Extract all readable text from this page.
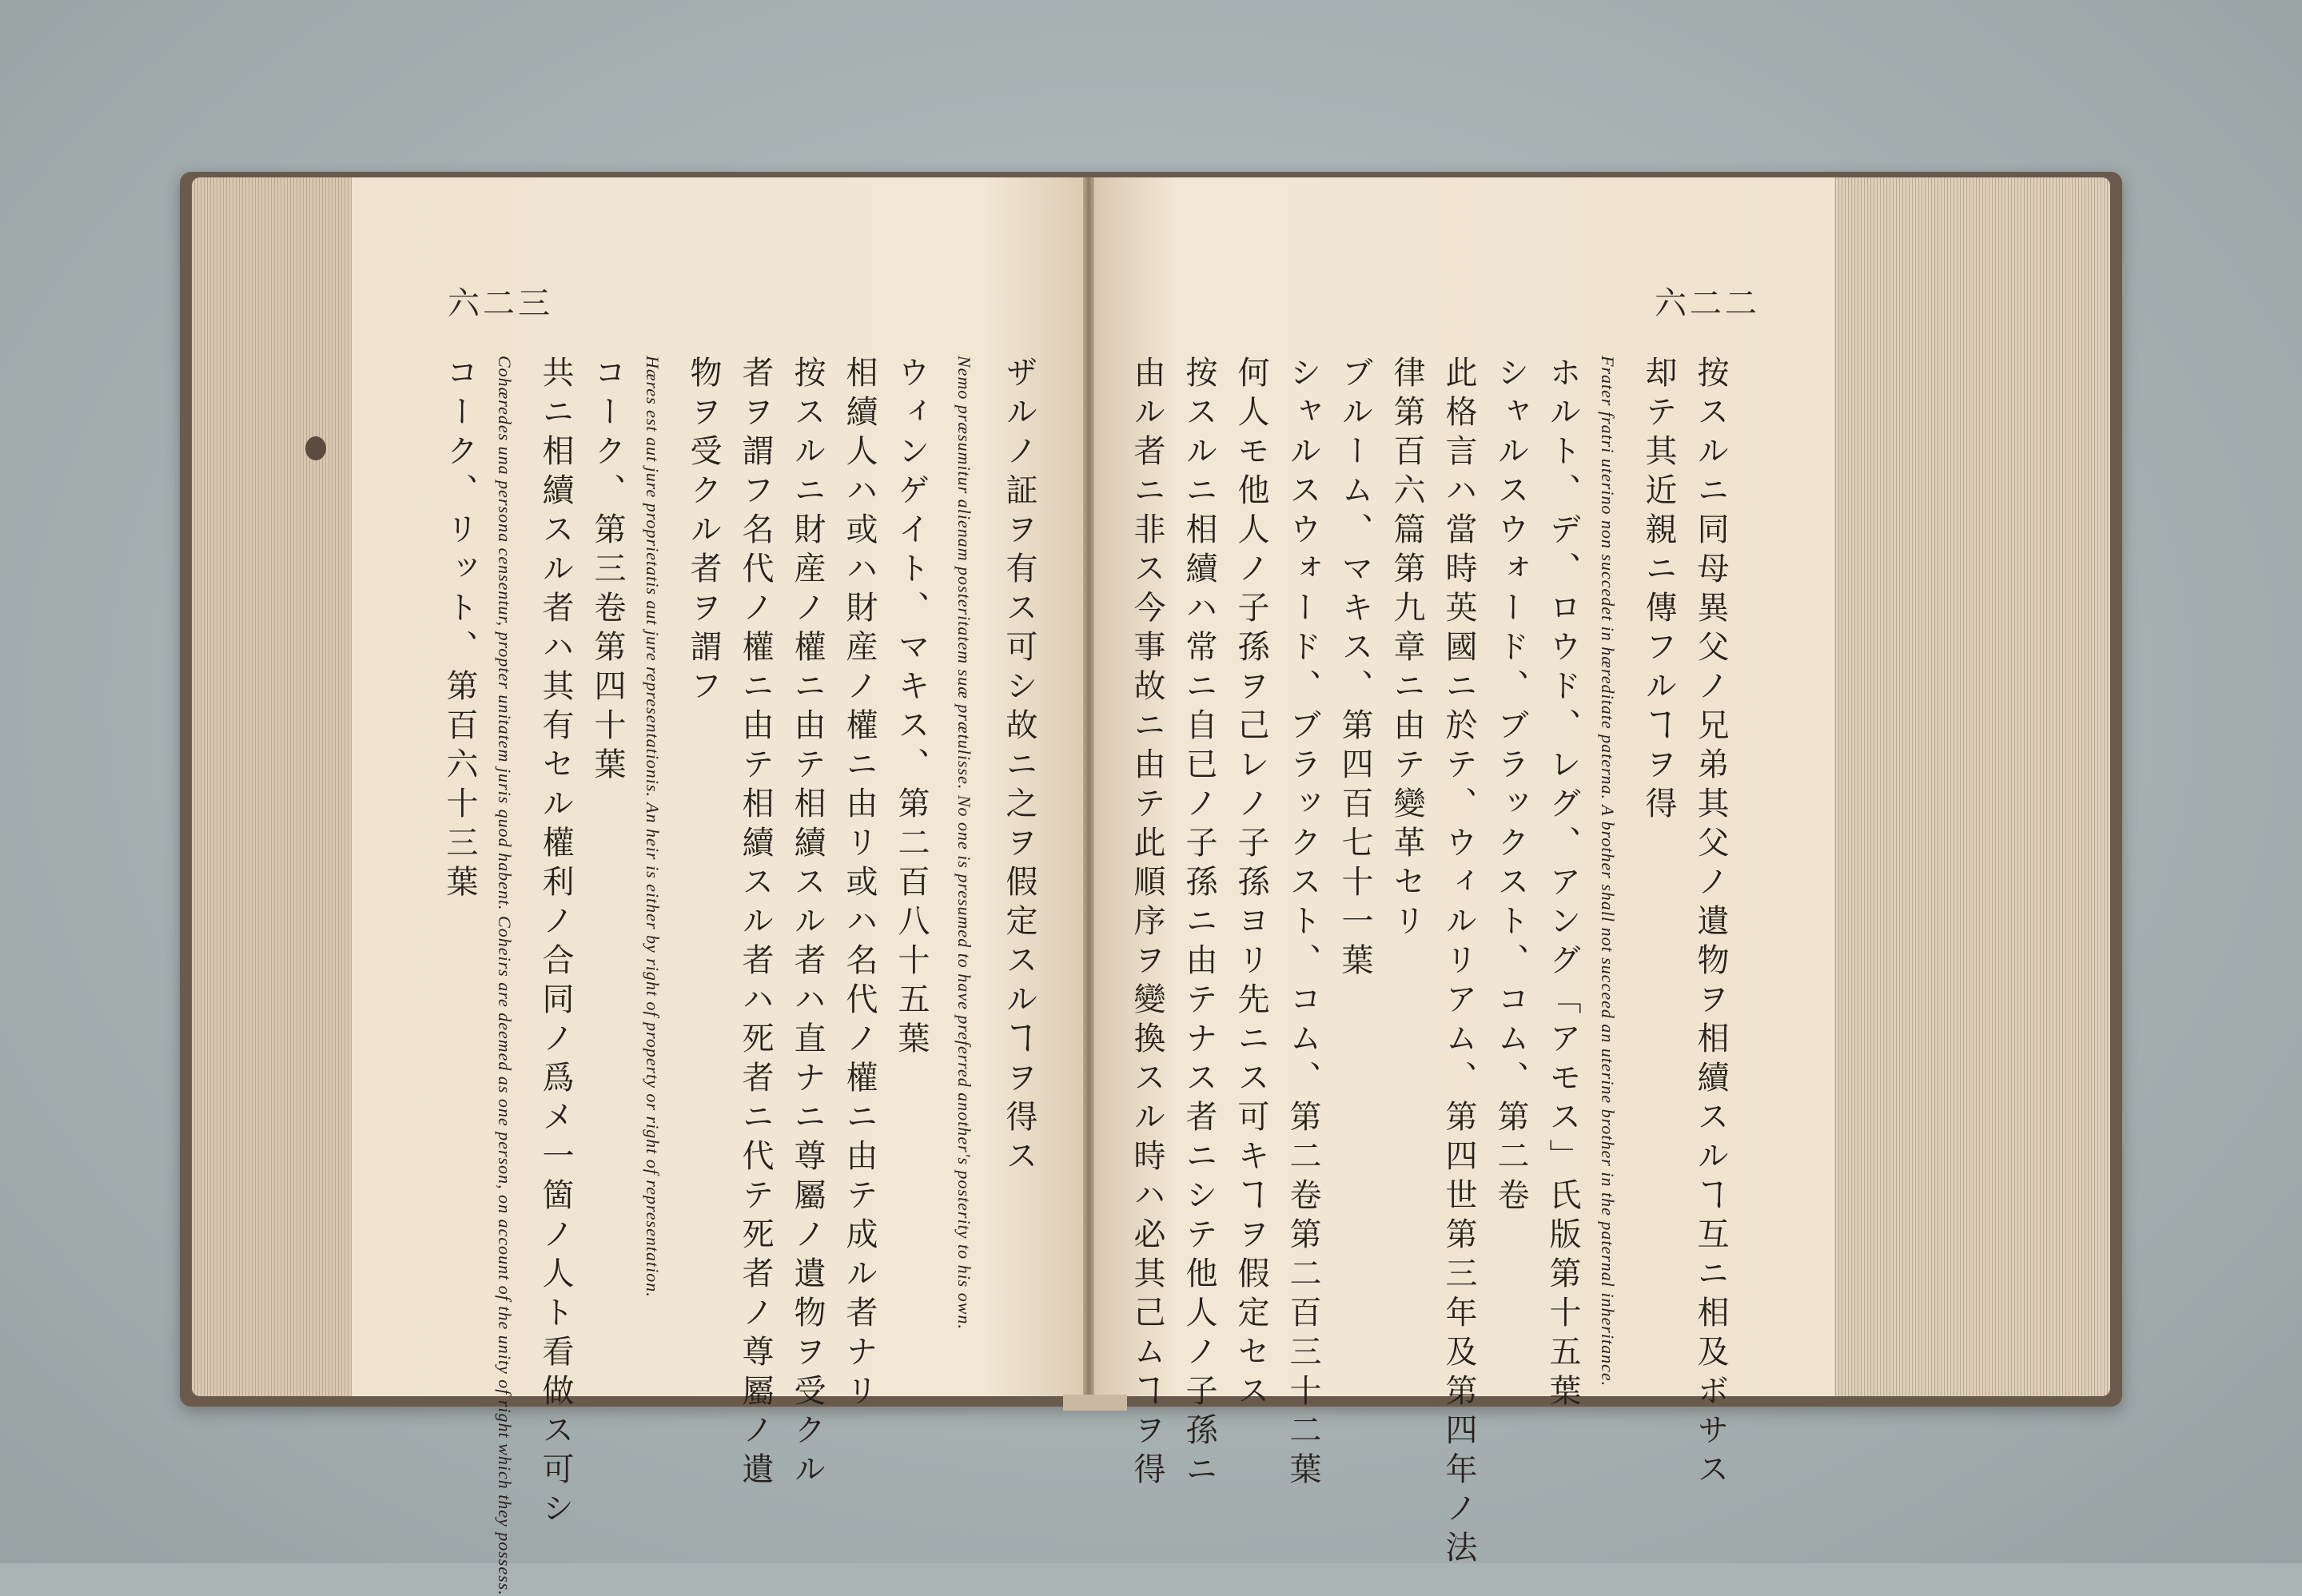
六二三	六二二
ザルノ証ヲ有ス可シ故ニ之ヲ假定スルヿヲ得ス
Nemo præsumitur alienam posteritatem suæ prætulisse. No one is presumed to have preferred another's posterity to his own.
ウィンゲイト、マキス、第二百八十五葉
相續人ハ或ハ財産ノ權ニ由リ或ハ名代ノ權ニ由テ成ル者ナリ
按スルニ財産ノ權ニ由テ相續スル者ハ直ナニ尊屬ノ遺物ヲ受クル
者ヲ謂フ名代ノ權ニ由テ相續スル者ハ死者ニ代テ死者ノ尊屬ノ遺
物ヲ受クル者ヲ謂フ
Hæres est aut jure proprietatis aut jure representationis. An heir is either by right of property or right of representation.
コーク、第三卷第四十葉
共ニ相續スル者ハ其有セル權利ノ合同ノ爲メ一箇ノ人ト看做ス可シ
Cohæredes una persona censentur, propter unitatem juris quod habent. Coheirs are deemed as one person, on account of the unity of right which they possess.
コーク、リット、第百六十三葉	按スルニ同母異父ノ兄弟其父ノ遺物ヲ相續スルヿ互ニ相及ボサス
却テ其近親ニ傳フルヿヲ得
Frater fratri uterino non succedet in hæreditate paterna. A brother shall not succeed an uterine brother in the paternal inheritance.
ホルト、デ、ロウド、レグ、アング「アモス」氏版第十五葉
シャルスウォード、ブラックスト、コム、第二卷
此格言ハ當時英國ニ於テ、ウィルリアム、第四世第三年及第四年ノ法
律第百六篇第九章ニ由テ變革セリ
ブルーム、マキス、第四百七十一葉
シャルスウォード、ブラックスト、コム、第二卷第二百三十二葉
何人モ他人ノ子孫ヲ己レノ子孫ヨリ先ニス可キヿヲ假定セス
按スルニ相續ハ常ニ自已ノ子孫ニ由テナス者ニシテ他人ノ子孫ニ
由ル者ニ非ス今事故ニ由テ此順序ヲ變換スル時ハ必其己ムヿヲ得
